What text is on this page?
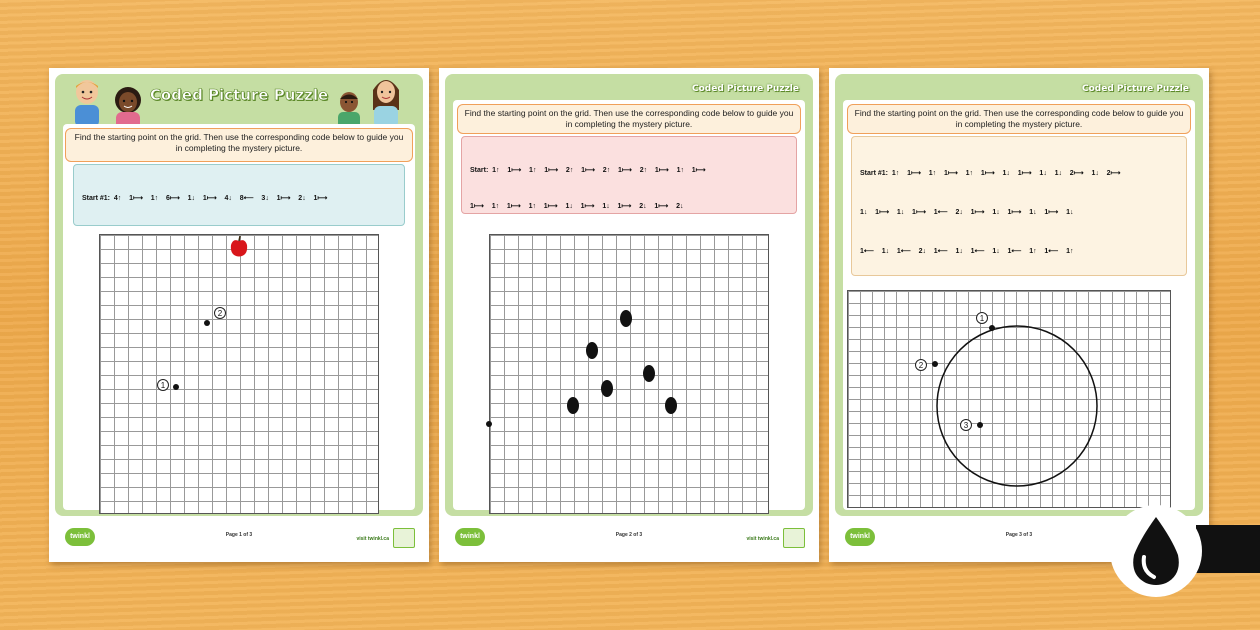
Coded Picture Puzzle
Find the starting point on the grid. Then use the corresponding code below to guide you in completing the mystery picture.

Start #1:  4↑    1⟼    1↑    6⟼    1↓    1⟼    4↓    8⟵    3↓    1⟼    2↓    1⟼

2
1
twinkl	Page 1 of 3
visit twinkl.ca
Coded Picture Puzzle
Find the starting point on the grid. Then use the corresponding code below to guide you in completing the mystery picture.

Start:  1↑    1⟼    1↑    1⟼    2↑    1⟼    2↑    1⟼    2↑    1⟼    1↑    1⟼

1⟼    1↑    1⟼    1↑    1⟼    1↓    1⟼    1↓    1⟼    2↓    1⟼    2↓

twinkl	Page 2 of 3
visit twinkl.ca
Coded Picture Puzzle
Find the starting point on the grid. Then use the corresponding code below to guide you in completing the mystery picture.

Start #1:  1↑    1⟼    1↑    1⟼    1↑    1⟼    1↓    1⟼    1↓    1↓    2⟼    1↓    2⟼

1↓    1⟼    1↓    1⟼    1⟵    2↓    1⟼    1↓    1⟼    1↓    1⟼    1↓

1⟵    1↓    1⟵    2↓    1⟵    1↓    1⟵    1↓    1⟵    1↑    1⟵    1↑

1
2
3
twinkl	Page 3 of 3
